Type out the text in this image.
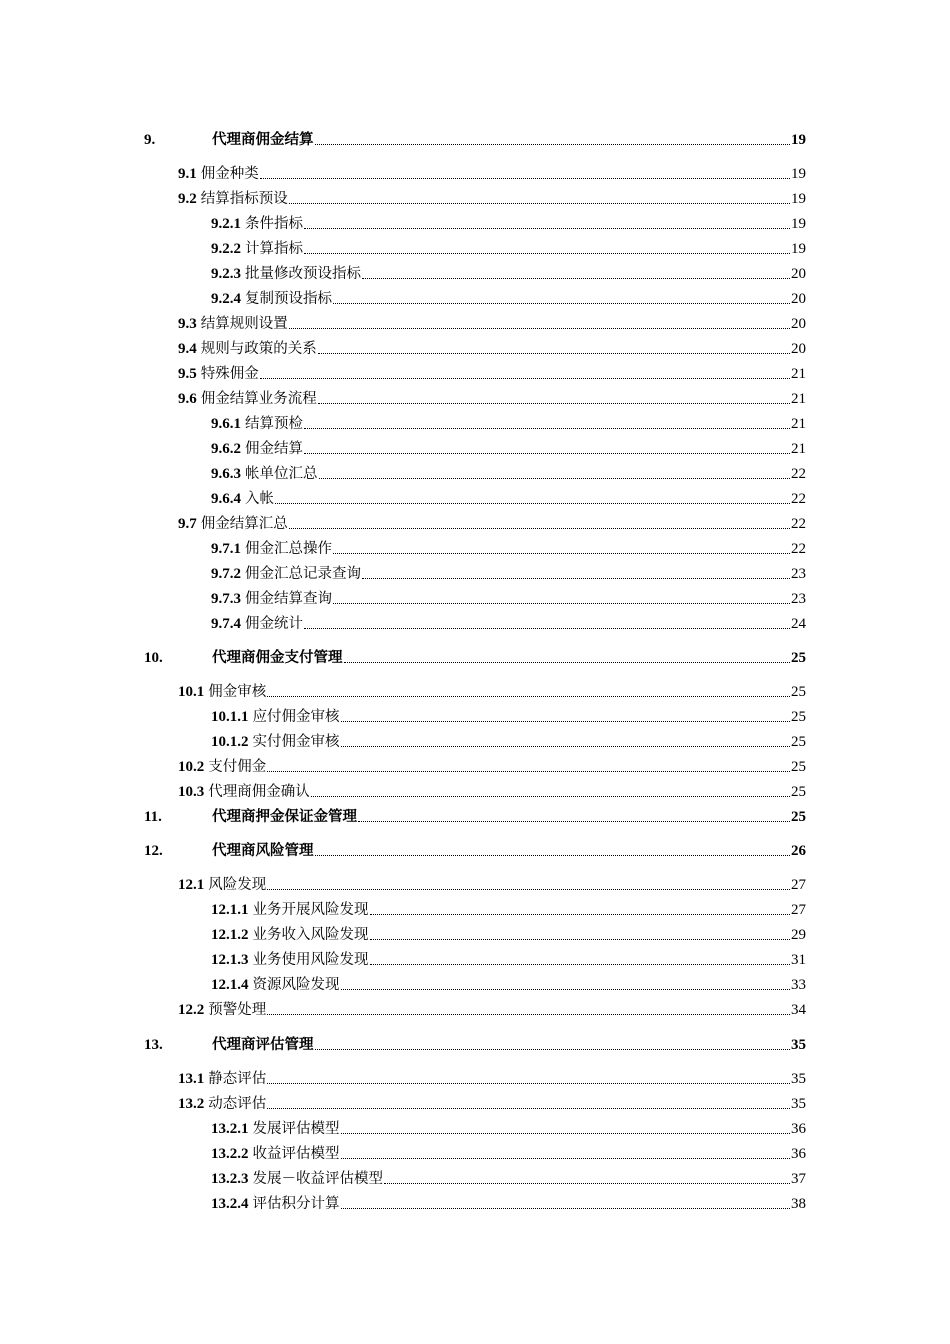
9.	代理商佣金结算	19
9.1 佣金种类	19
9.2 结算指标预设	19
9.2.1 条件指标	19
9.2.2 计算指标	19
9.2.3 批量修改预设指标	20
9.2.4 复制预设指标	20
9.3 结算规则设置	20
9.4 规则与政策的关系	20
9.5 特殊佣金	21
9.6 佣金结算业务流程	21
9.6.1 结算预检	21
9.6.2 佣金结算	21
9.6.3 帐单位汇总	22
9.6.4 入帐	22
9.7 佣金结算汇总	22
9.7.1 佣金汇总操作	22
9.7.2 佣金汇总记录查询	23
9.7.3 佣金结算查询	23
9.7.4 佣金统计	24
10.	代理商佣金支付管理	25
10.1 佣金审核	25
10.1.1 应付佣金审核	25
10.1.2 实付佣金审核	25
10.2 支付佣金	25
10.3 代理商佣金确认	25
11.	代理商押金保证金管理	25
12.	代理商风险管理	26
12.1 风险发现	27
12.1.1 业务开展风险发现	27
12.1.2 业务收入风险发现	29
12.1.3 业务使用风险发现	31
12.1.4 资源风险发现	33
12.2 预警处理	34
13.	代理商评估管理	35
13.1 静态评估	35
13.2 动态评估	35
13.2.1 发展评估模型	36
13.2.2 收益评估模型	36
13.2.3 发展－收益评估模型	37
13.2.4 评估积分计算	38
